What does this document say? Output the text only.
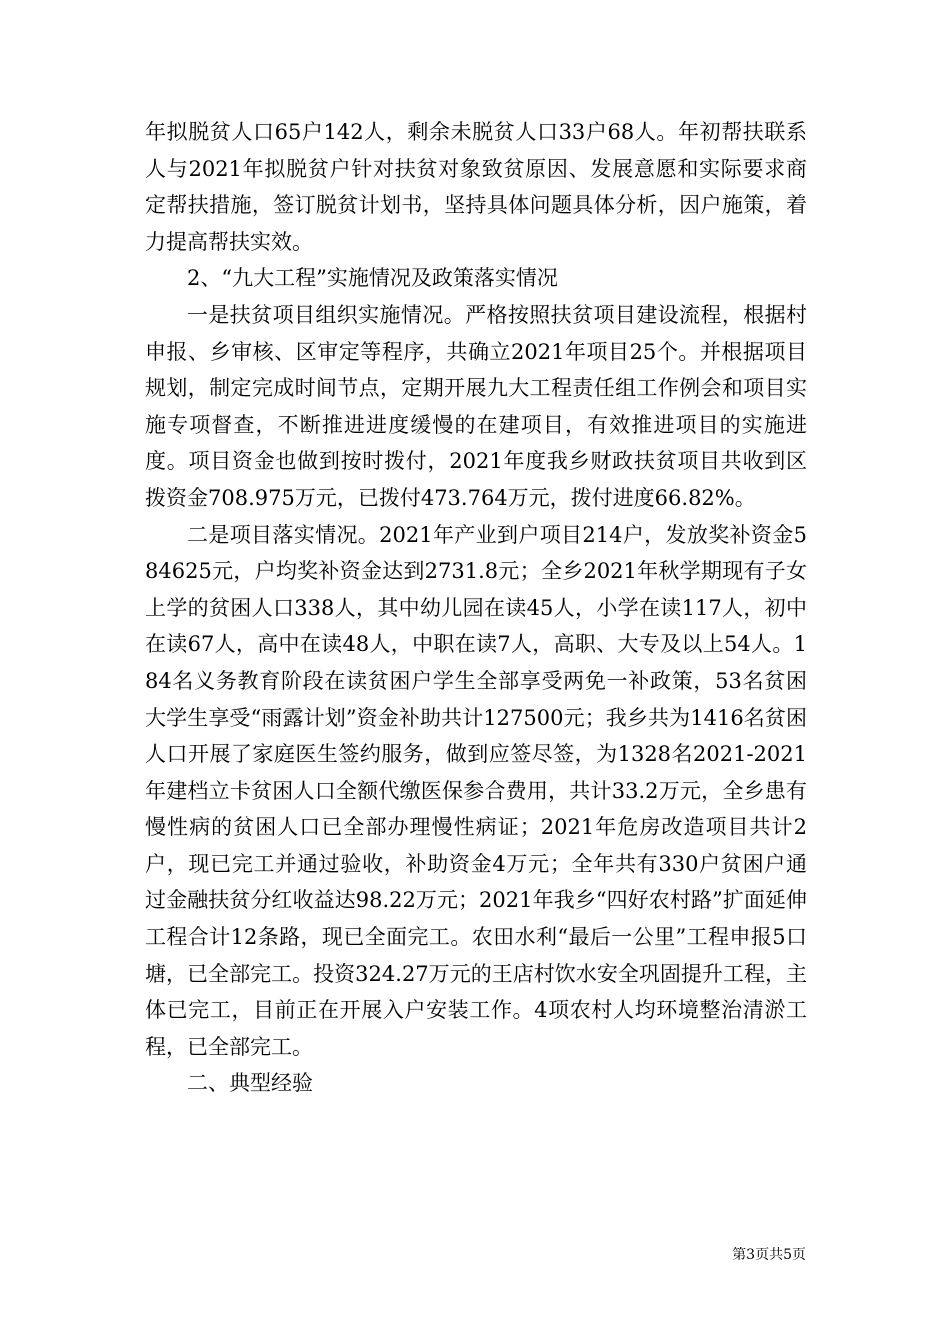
年拟脱贫人口65户142人，剩余未脱贫人口33户68人。年初帮扶联系人与2021年拟脱贫户针对扶贫对象致贫原因、发展意愿和实际要求商定帮扶措施，签订脱贫计划书，坚持具体问题具体分析，因户施策，着力提高帮扶实效。

2、“九大工程”实施情况及政策落实情况

一是扶贫项目组织实施情况。严格按照扶贫项目建设流程，根据村申报、乡审核、区审定等程序，共确立2021年项目25个。并根据项目规划，制定完成时间节点，定期开展九大工程责任组工作例会和项目实施专项督查，不断推进进度缓慢的在建项目，有效推进项目的实施进度。项目资金也做到按时拨付，2021年度我乡财政扶贫项目共收到区拨资金708.975万元，已拨付473.764万元，拨付进度66.82%。

二是项目落实情况。2021年产业到户项目214户，发放奖补资金584625元，户均奖补资金达到2731.8元；全乡2021年秋学期现有子女上学的贫困人口338人，其中幼儿园在读45人，小学在读117人，初中在读67人，高中在读48人，中职在读7人，高职、大专及以上54人。184名义务教育阶段在读贫困户学生全部享受两免一补政策，53名贫困大学生享受“雨露计划”资金补助共计127500元；我乡共为1416名贫困人口开展了家庭医生签约服务，做到应签尽签，为1328名2021-2021年建档立卡贫困人口全额代缴医保参合费用，共计33.2万元，全乡患有慢性病的贫困人口已全部办理慢性病证；2021年危房改造项目共计2户，现已完工并通过验收，补助资金4万元；全年共有330户贫困户通过金融扶贫分红收益达98.22万元；2021年我乡“四好农村路”扩面延伸工程合计12条路，现已全面完工。农田水利“最后一公里”工程申报5口塘，已全部完工。投资324.27万元的王店村饮水安全巩固提升工程，主体已完工，目前正在开展入户安装工作。4项农村人均环境整治清淤工程，已全部完工。

二、典型经验

第3页共5页
